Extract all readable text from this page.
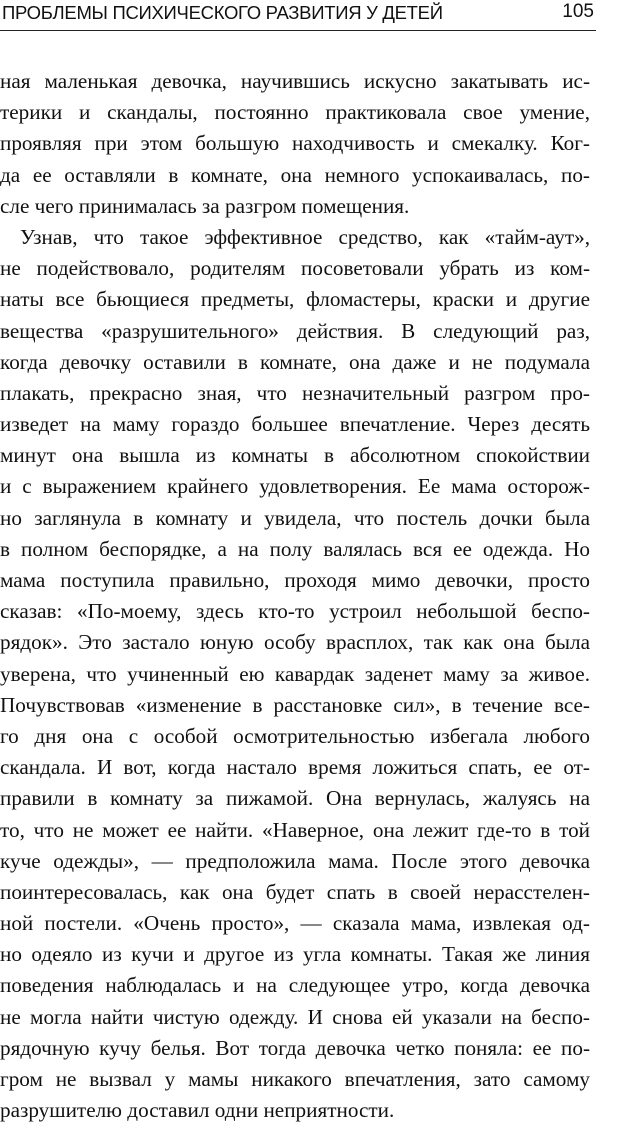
ПРОБЛЕМЫ ПСИХИЧЕСКОГО РАЗВИТИЯ У ДЕТЕЙ	105
ная маленькая девочка, научившись искусно закатывать ис-
терики и скандалы, постоянно практиковала свое умение,
проявляя при этом большую находчивость и смекалку. Ког-
да ее оставляли в комнате, она немного успокаивалась, по-
сле чего принималась за разгром помещения.
Узнав, что такое эффективное средство, как «тайм-аут»,
не подействовало, родителям посоветовали убрать из ком-
наты все бьющиеся предметы, фломастеры, краски и другие
вещества «разрушительного» действия. В следующий раз,
когда девочку оставили в комнате, она даже и не подумала
плакать, прекрасно зная, что незначительный разгром про-
изведет на маму гораздо большее впечатление. Через десять
минут она вышла из комнаты в абсолютном спокойствии
и с выражением крайнего удовлетворения. Ее мама осторож-
но заглянула в комнату и увидела, что постель дочки была
в полном беспорядке, а на полу валялась вся ее одежда. Но
мама поступила правильно, проходя мимо девочки, просто
сказав: «По-моему, здесь кто-то устроил небольшой беспо-
рядок». Это застало юную особу врасплох, так как она была
уверена, что учиненный ею кавардак заденет маму за живое.
Почувствовав «изменение в расстановке сил», в течение все-
го дня она с особой осмотрительностью избегала любого
скандала. И вот, когда настало время ложиться спать, ее от-
правили в комнату за пижамой. Она вернулась, жалуясь на
то, что не может ее найти. «Наверное, она лежит где-то в той
куче одежды», — предположила мама. После этого девочка
поинтересовалась, как она будет спать в своей нерасстелен-
ной постели. «Очень просто», — сказала мама, извлекая од-
но одеяло из кучи и другое из угла комнаты. Такая же линия
поведения наблюдалась и на следующее утро, когда девочка
не могла найти чистую одежду. И снова ей указали на беспо-
рядочную кучу белья. Вот тогда девочка четко поняла: ее по-
гром не вызвал у мамы никакого впечатления, зато самому
разрушителю доставил одни неприятности.
